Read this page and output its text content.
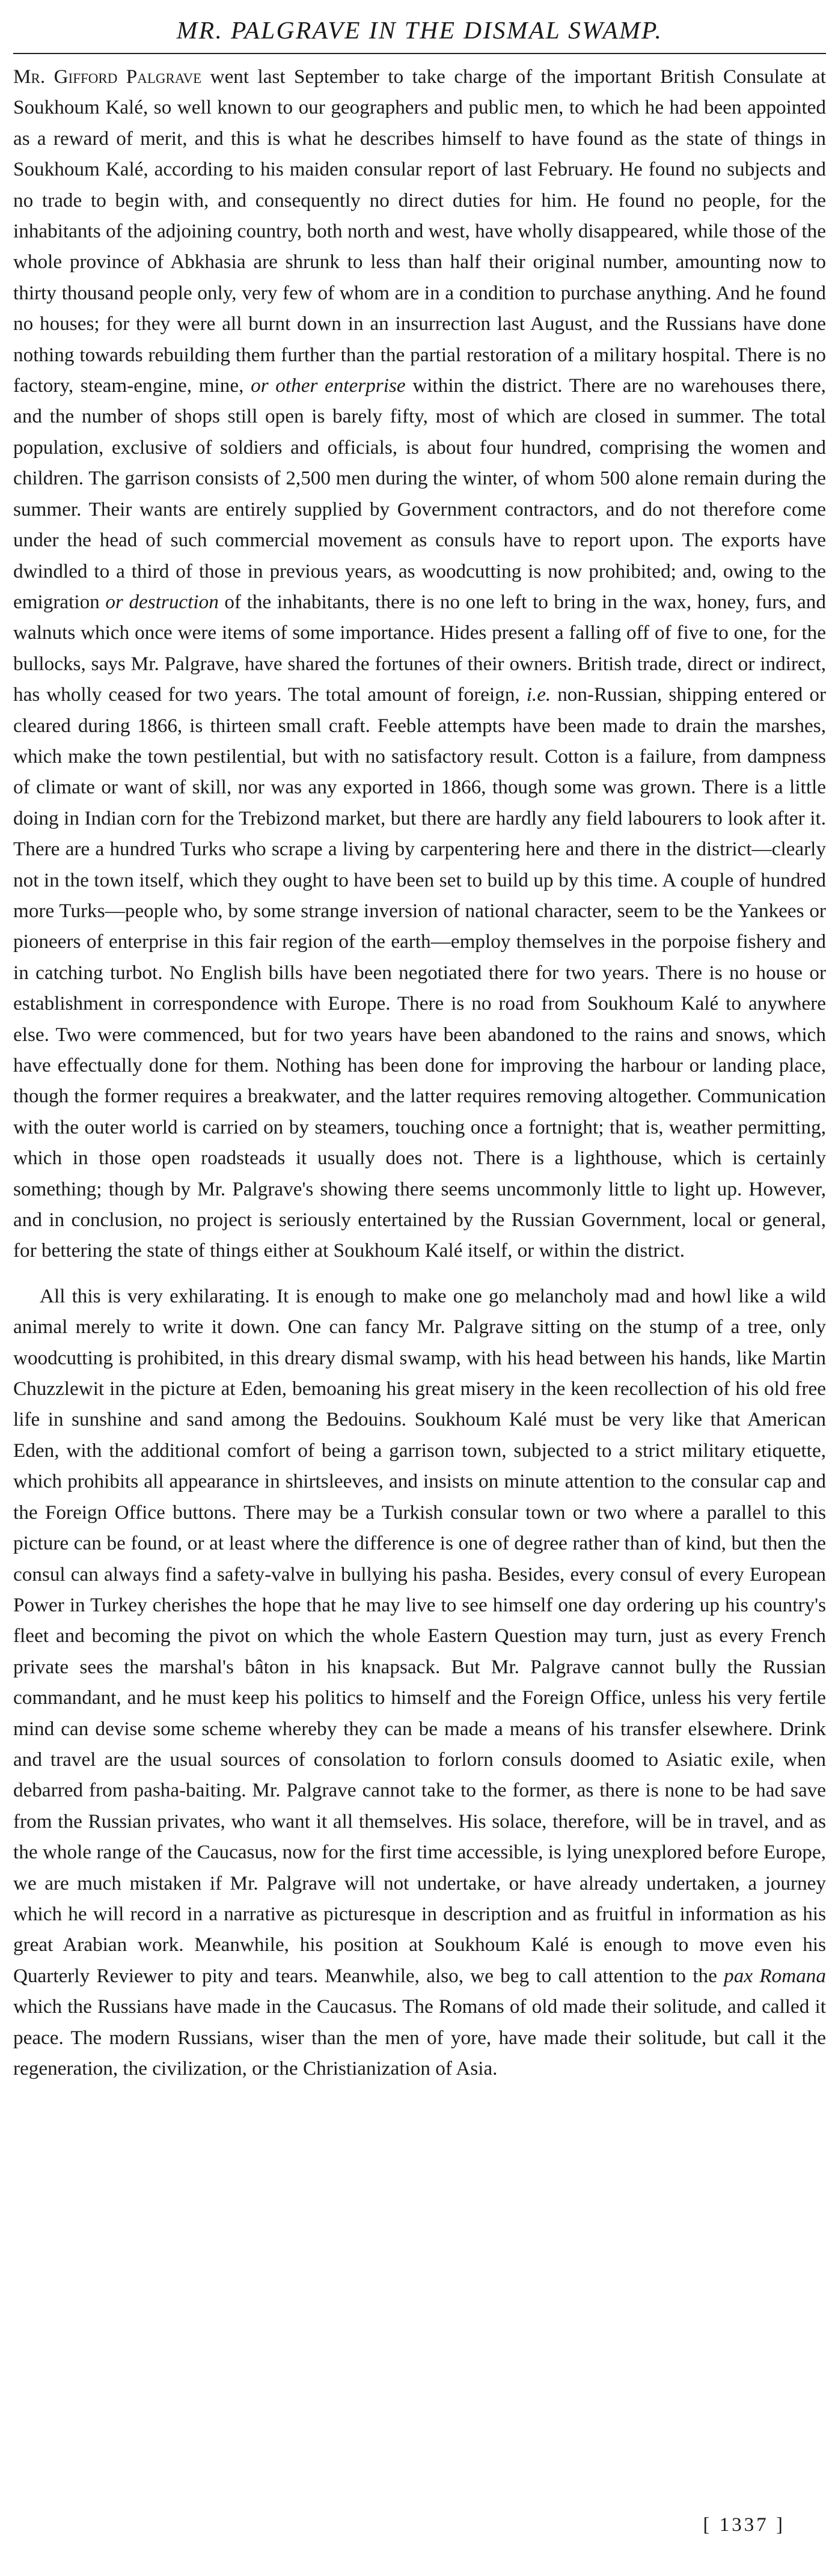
MR. PALGRAVE IN THE DISMAL SWAMP.

Mr. Gifford Palgrave went last September to take charge of the important British Consulate at Soukhoum Kalé, so well known to our geographers and public men, to which he had been appointed as a reward of merit, and this is what he describes himself to have found as the state of things in Soukhoum Kalé, according to his maiden consular report of last February. He found no subjects and no trade to begin with, and consequently no direct duties for him. He found no people, for the inhabitants of the adjoining country, both north and west, have wholly disappeared, while those of the whole province of Abkhasia are shrunk to less than half their original number, amounting now to thirty thousand people only, very few of whom are in a condition to purchase anything. And he found no houses; for they were all burnt down in an insurrection last August, and the Russians have done nothing towards rebuilding them further than the partial restoration of a military hospital. There is no factory, steam-engine, mine, or other enterprise within the district. There are no warehouses there, and the number of shops still open is barely fifty, most of which are closed in summer. The total population, exclusive of soldiers and officials, is about four hundred, comprising the women and children. The garrison consists of 2,500 men during the winter, of whom 500 alone remain during the summer. Their wants are entirely supplied by Government contractors, and do not therefore come under the head of such commercial movement as consuls have to report upon. The exports have dwindled to a third of those in previous years, as woodcutting is now prohibited; and, owing to the emigration or destruction of the inhabitants, there is no one left to bring in the wax, honey, furs, and walnuts which once were items of some importance. Hides present a falling off of five to one, for the bullocks, says Mr. Palgrave, have shared the fortunes of their owners. British trade, direct or indirect, has wholly ceased for two years. The total amount of foreign, i.e. non-Russian, shipping entered or cleared during 1866, is thirteen small craft. Feeble attempts have been made to drain the marshes, which make the town pestilential, but with no satisfactory result. Cotton is a failure, from dampness of climate or want of skill, nor was any exported in 1866, though some was grown. There is a little doing in Indian corn for the Trebizond market, but there are hardly any field labourers to look after it. There are a hundred Turks who scrape a living by carpentering here and there in the district—clearly not in the town itself, which they ought to have been set to build up by this time. A couple of hundred more Turks—people who, by some strange inversion of national character, seem to be the Yankees or pioneers of enterprise in this fair region of the earth—employ themselves in the porpoise fishery and in catching turbot. No English bills have been negotiated there for two years. There is no house or establishment in correspondence with Europe. There is no road from Soukhoum Kalé to anywhere else. Two were commenced, but for two years have been abandoned to the rains and snows, which have effectually done for them. Nothing has been done for improving the harbour or landing place, though the former requires a breakwater, and the latter requires removing altogether. Communication with the outer world is carried on by steamers, touching once a fortnight; that is, weather permitting, which in those open roadsteads it usually does not. There is a lighthouse, which is certainly something; though by Mr. Palgrave's showing there seems uncommonly little to light up. However, and in conclusion, no project is seriously entertained by the Russian Government, local or general, for bettering the state of things either at Soukhoum Kalé itself, or within the district.

All this is very exhilarating. It is enough to make one go melancholy mad and howl like a wild animal merely to write it down. One can fancy Mr. Palgrave sitting on the stump of a tree, only woodcutting is prohibited, in this dreary dismal swamp, with his head between his hands, like Martin Chuzzlewit in the picture at Eden, bemoaning his great misery in the keen recollection of his old free life in sunshine and sand among the Bedouins. Soukhoum Kalé must be very like that American Eden, with the additional comfort of being a garrison town, subjected to a strict military etiquette, which prohibits all appearance in shirtsleeves, and insists on minute attention to the consular cap and the Foreign Office buttons. There may be a Turkish consular town or two where a parallel to this picture can be found, or at least where the difference is one of degree rather than of kind, but then the consul can always find a safety-valve in bullying his pasha. Besides, every consul of every European Power in Turkey cherishes the hope that he may live to see himself one day ordering up his country's fleet and becoming the pivot on which the whole Eastern Question may turn, just as every French private sees the marshal's bâton in his knapsack. But Mr. Palgrave cannot bully the Russian commandant, and he must keep his politics to himself and the Foreign Office, unless his very fertile mind can devise some scheme whereby they can be made a means of his transfer elsewhere. Drink and travel are the usual sources of consolation to forlorn consuls doomed to Asiatic exile, when debarred from pasha-baiting. Mr. Palgrave cannot take to the former, as there is none to be had save from the Russian privates, who want it all themselves. His solace, therefore, will be in travel, and as the whole range of the Caucasus, now for the first time accessible, is lying unexplored before Europe, we are much mistaken if Mr. Palgrave will not undertake, or have already undertaken, a journey which he will record in a narrative as picturesque in description and as fruitful in information as his great Arabian work. Meanwhile, his position at Soukhoum Kalé is enough to move even his Quarterly Reviewer to pity and tears. Meanwhile, also, we beg to call attention to the pax Romana which the Russians have made in the Caucasus. The Romans of old made their solitude, and called it peace. The modern Russians, wiser than the men of yore, have made their solitude, but call it the regeneration, the civilization, or the Christianization of Asia.

[ 1337 ]
